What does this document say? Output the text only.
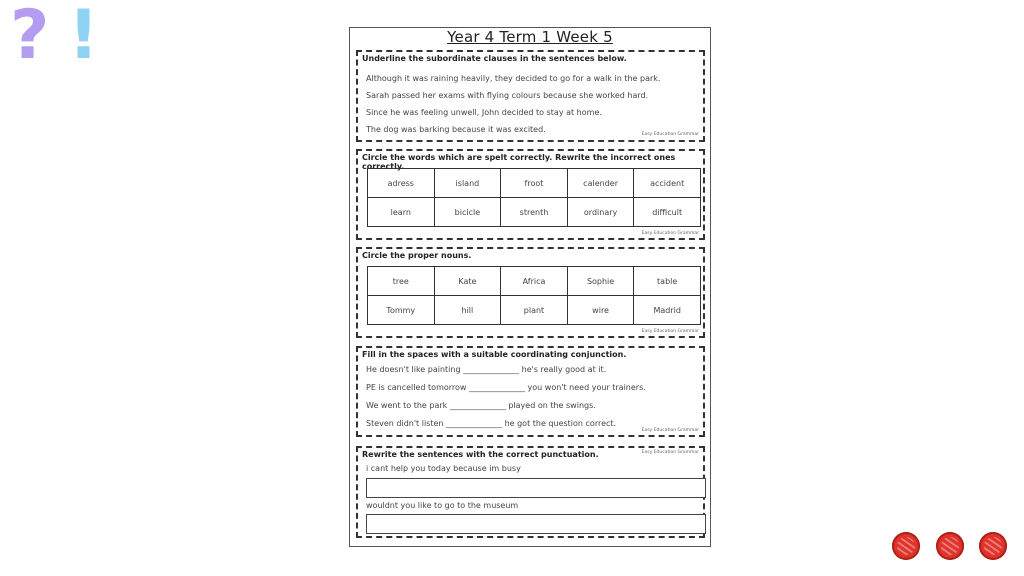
? !	Year 4 Term 1 Week 5
Underline the subordinate clauses in the sentences below.
Although it was raining heavily, they decided to go for a walk in the park.
Sarah passed her exams with flying colours because she worked hard.
Since he was feeling unwell, John decided to stay at home.
The dog was barking because it was excited.
Easy Education Grammar
Circle the words which are spelt correctly. Rewrite the incorrect ones correctly.
adress	island	froot	calender	accident
learn	bicicle	strenth	ordinary	difficult
Easy Education Grammar
Circle the proper nouns.
tree	Kate	Africa	Sophie	table
Tommy	hill	plant	wire	Madrid
Easy Education Grammar
Fill in the spaces with a suitable coordinating conjunction.
He doesn't like painting ______________ he's really good at it.
PE is cancelled tomorrow ______________ you won't need your trainers.
We went to the park ______________ played on the swings.
Steven didn't listen ______________ he got the question correct.
Easy Education Grammar
Rewrite the sentences with the correct punctuation.	Easy Education Grammar
i cant help you today because im busy
wouldnt you like to go to the museum
